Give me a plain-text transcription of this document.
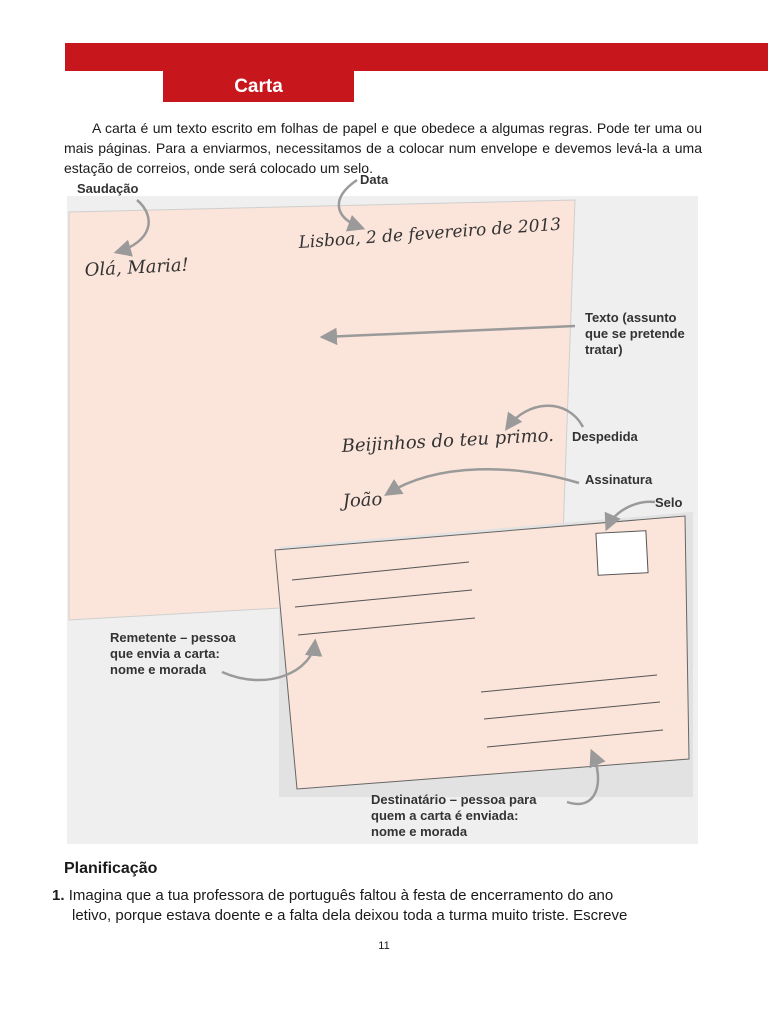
Carta

A carta é um texto escrito em folhas de papel e que obedece a algumas regras. Pode ter uma ou mais páginas. Para a enviarmos, necessitamos de a colocar num envelope e devemos levá-la a uma estação de correios, onde será colocado um selo.

Lisboa, 2 de fevereiro de 2013
Olá, Maria!
Beijinhos do teu primo.
João
Saudação
Data
Texto (assunto que se pretende tratar)
Despedida
Assinatura
Selo
Remetente – pessoa que envia a carta: nome e morada
Destinatário – pessoa para quem a carta é enviada: nome e morada
Planificação

1. Imagina que a tua professora de português faltou à festa de encerramento do ano
letivo, porque estava doente e a falta dela deixou toda a turma muito triste. Escreve

11
